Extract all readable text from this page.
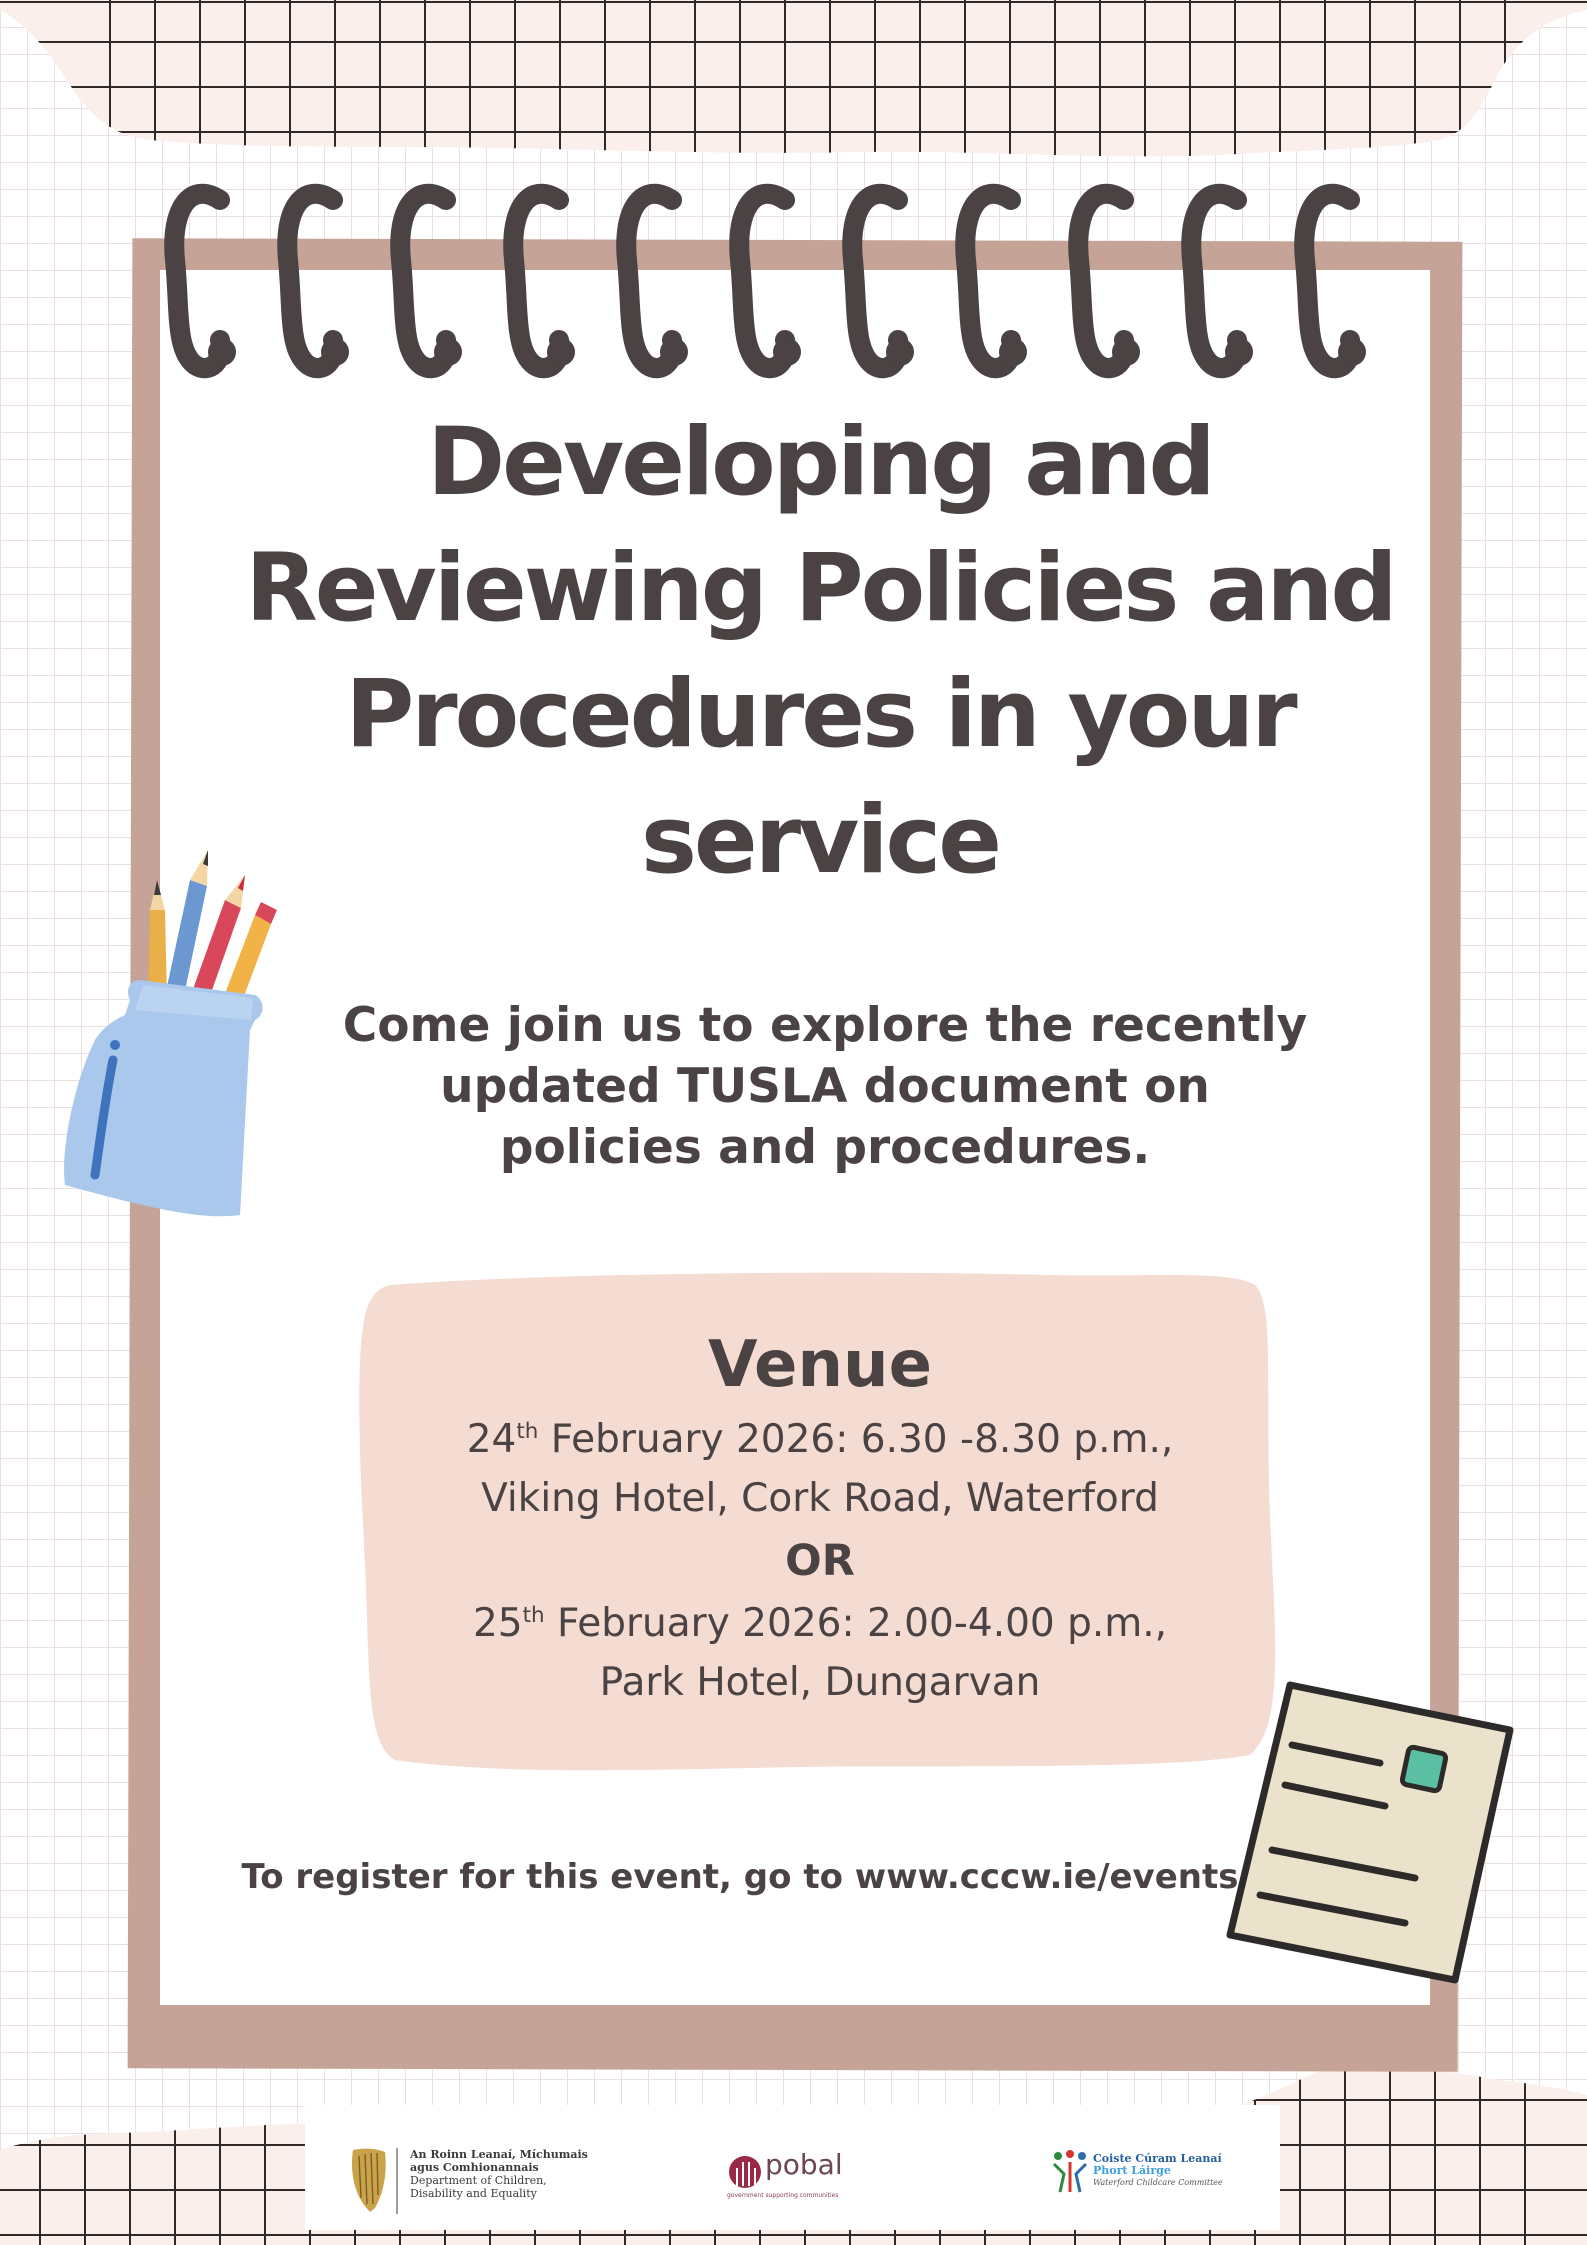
Developing and
Reviewing Policies and
Procedures in your
service
Come join us to explore the recently
updated TUSLA document on
policies and procedures.
Venue
24th February 2026: 6.30 -8.30 p.m.,
Viking Hotel, Cork Road, Waterford
OR
25th February 2026: 2.00-4.00 p.m.,
Park Hotel, Dungarvan
To register for this event, go to www.cccw.ie/events
An Roinn Leanaí, Míchumais
agus Comhionannais
Department of Children,
Disability and Equality
pobal
government supporting communities
Coiste Cúram Leanaí
Phort Láirge
Waterford Childcare Committee
